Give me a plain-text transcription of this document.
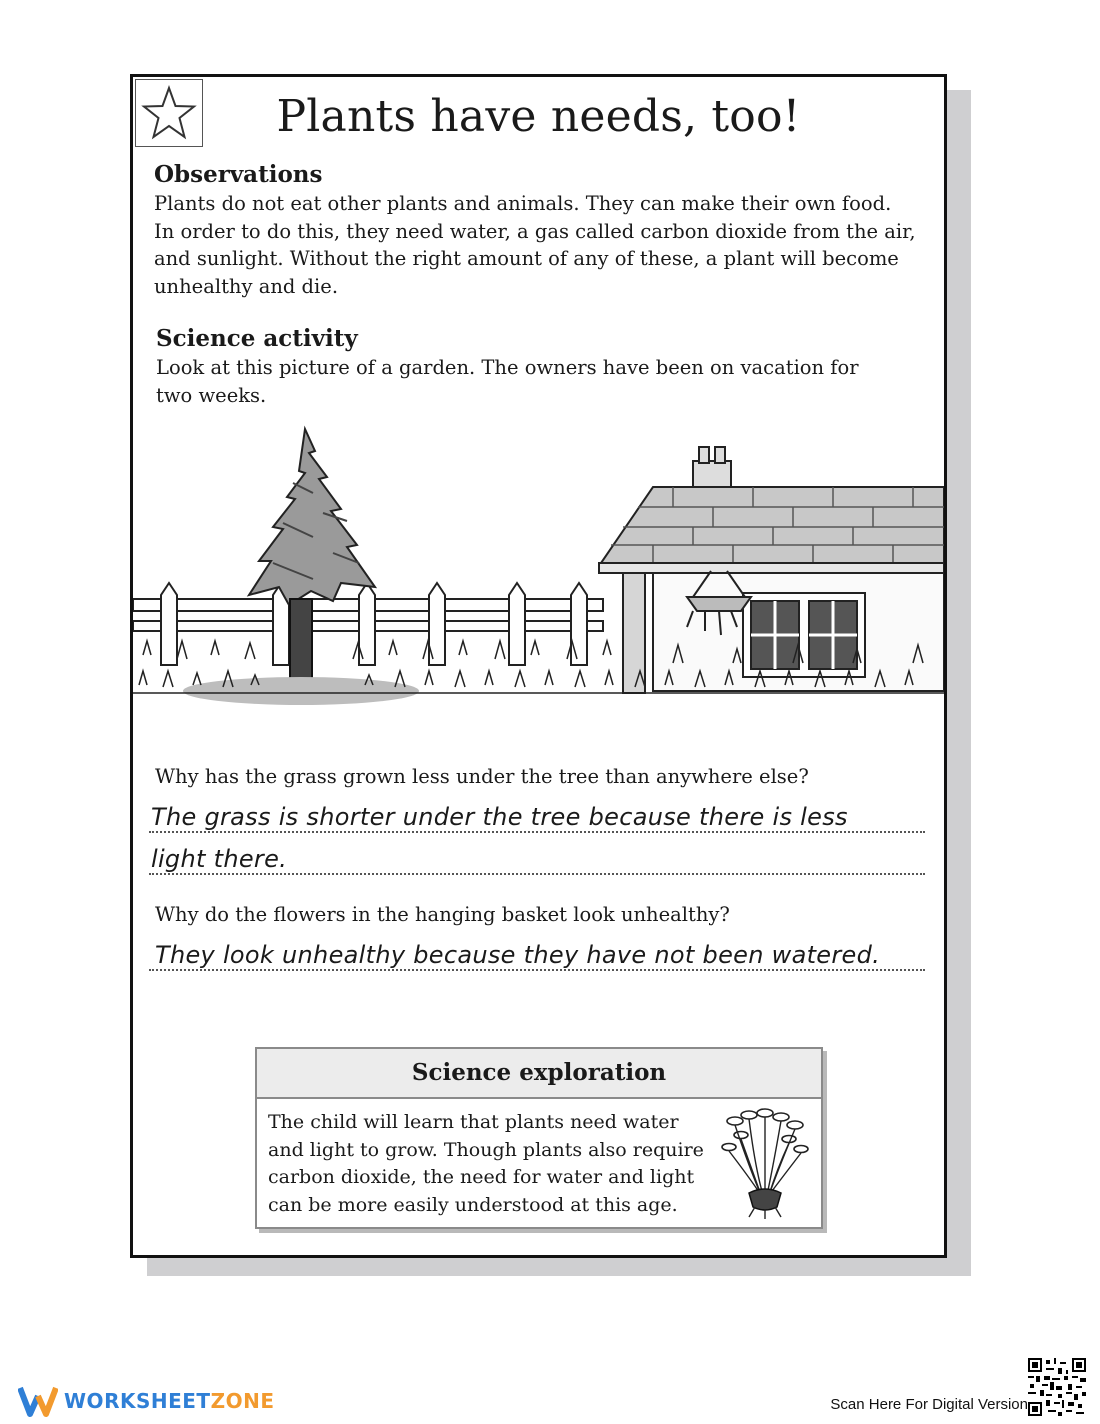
Plants have needs, too!
Observations
Plants do not eat other plants and animals. They can make their own food.
In order to do this, they need water, a gas called carbon dioxide from the air,
and sunlight. Without the right amount of any of these, a plant will become
unhealthy and die.
Science activity
Look at this picture of a garden. The owners have been on vacation for
two weeks.
Why has the grass grown less under the tree than anywhere else?
The grass is shorter under the tree because there is less
light there.
Why do the flowers in the hanging basket look unhealthy?
They look unhealthy because they have not been watered.
Science exploration
The child will learn that plants need water
and light to grow. Though plants also require
carbon dioxide, the need for water and light
can be more easily understood at this age.
WORKSHEETZONE	Scan Here For Digital Version
